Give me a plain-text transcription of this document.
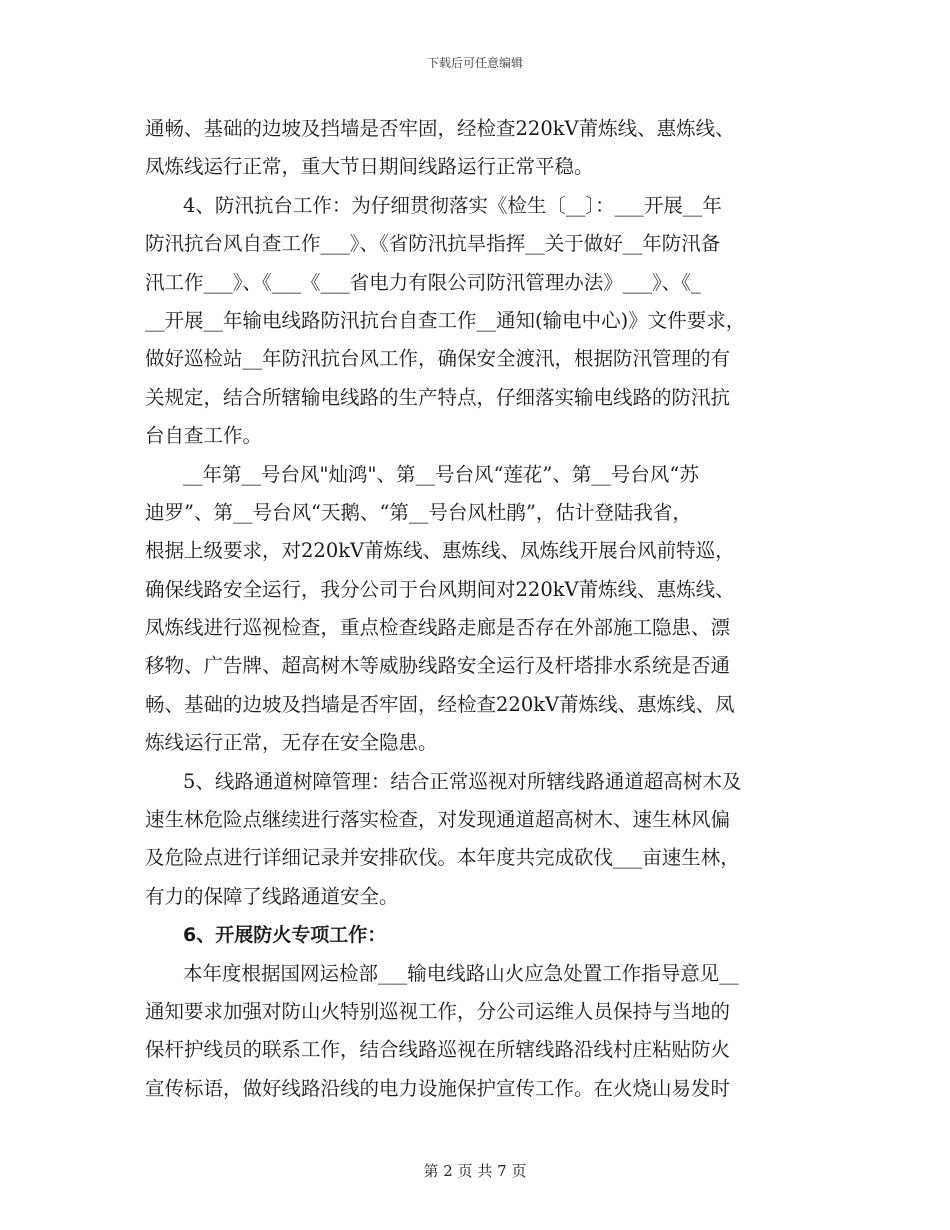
下载后可任意编辑
通畅、基础的边坡及挡墙是否牢固，经检查220kV莆炼线、惠炼线、
凤炼线运行正常，重大节日期间线路运行正常平稳。
4、防汛抗台工作：为仔细贯彻落实《检生〔__〕：___开展__年
防汛抗台风自查工作___》、《省防汛抗旱指挥__关于做好__年防汛备
汛工作___》、《___《___省电力有限公司防汛管理办法》___》、《_
__开展__年输电线路防汛抗台自查工作__通知(输电中心)》文件要求，
做好巡检站__年防汛抗台风工作，确保安全渡汛，根据防汛管理的有
关规定，结合所辖输电线路的生产特点，仔细落实输电线路的防汛抗
台自查工作。
__年第__号台风"灿鸿"、第__号台风“莲花”、第__号台风“苏
迪罗”、第__号台风“天鹅、“第__号台风杜鹃”，估计登陆我省，
根据上级要求，对220kV莆炼线、惠炼线、凤炼线开展台风前特巡，
确保线路安全运行，我分公司于台风期间对220kV莆炼线、惠炼线、
凤炼线进行巡视检查，重点检查线路走廊是否存在外部施工隐患、漂
移物、广告牌、超高树木等威胁线路安全运行及杆塔排水系统是否通
畅、基础的边坡及挡墙是否牢固，经检查220kV莆炼线、惠炼线、凤
炼线运行正常，无存在安全隐患。
5、线路通道树障管理：结合正常巡视对所辖线路通道超高树木及
速生林危险点继续进行落实检查，对发现通道超高树木、速生林风偏
及危险点进行详细记录并安排砍伐。本年度共完成砍伐___亩速生林，
有力的保障了线路通道安全。
6、开展防火专项工作：
本年度根据国网运检部___输电线路山火应急处置工作指导意见__
通知要求加强对防山火特别巡视工作，分公司运维人员保持与当地的
保杆护线员的联系工作，结合线路巡视在所辖线路沿线村庄粘贴防火
宣传标语，做好线路沿线的电力设施保护宣传工作。在火烧山易发时
第 2 页 共 7 页
